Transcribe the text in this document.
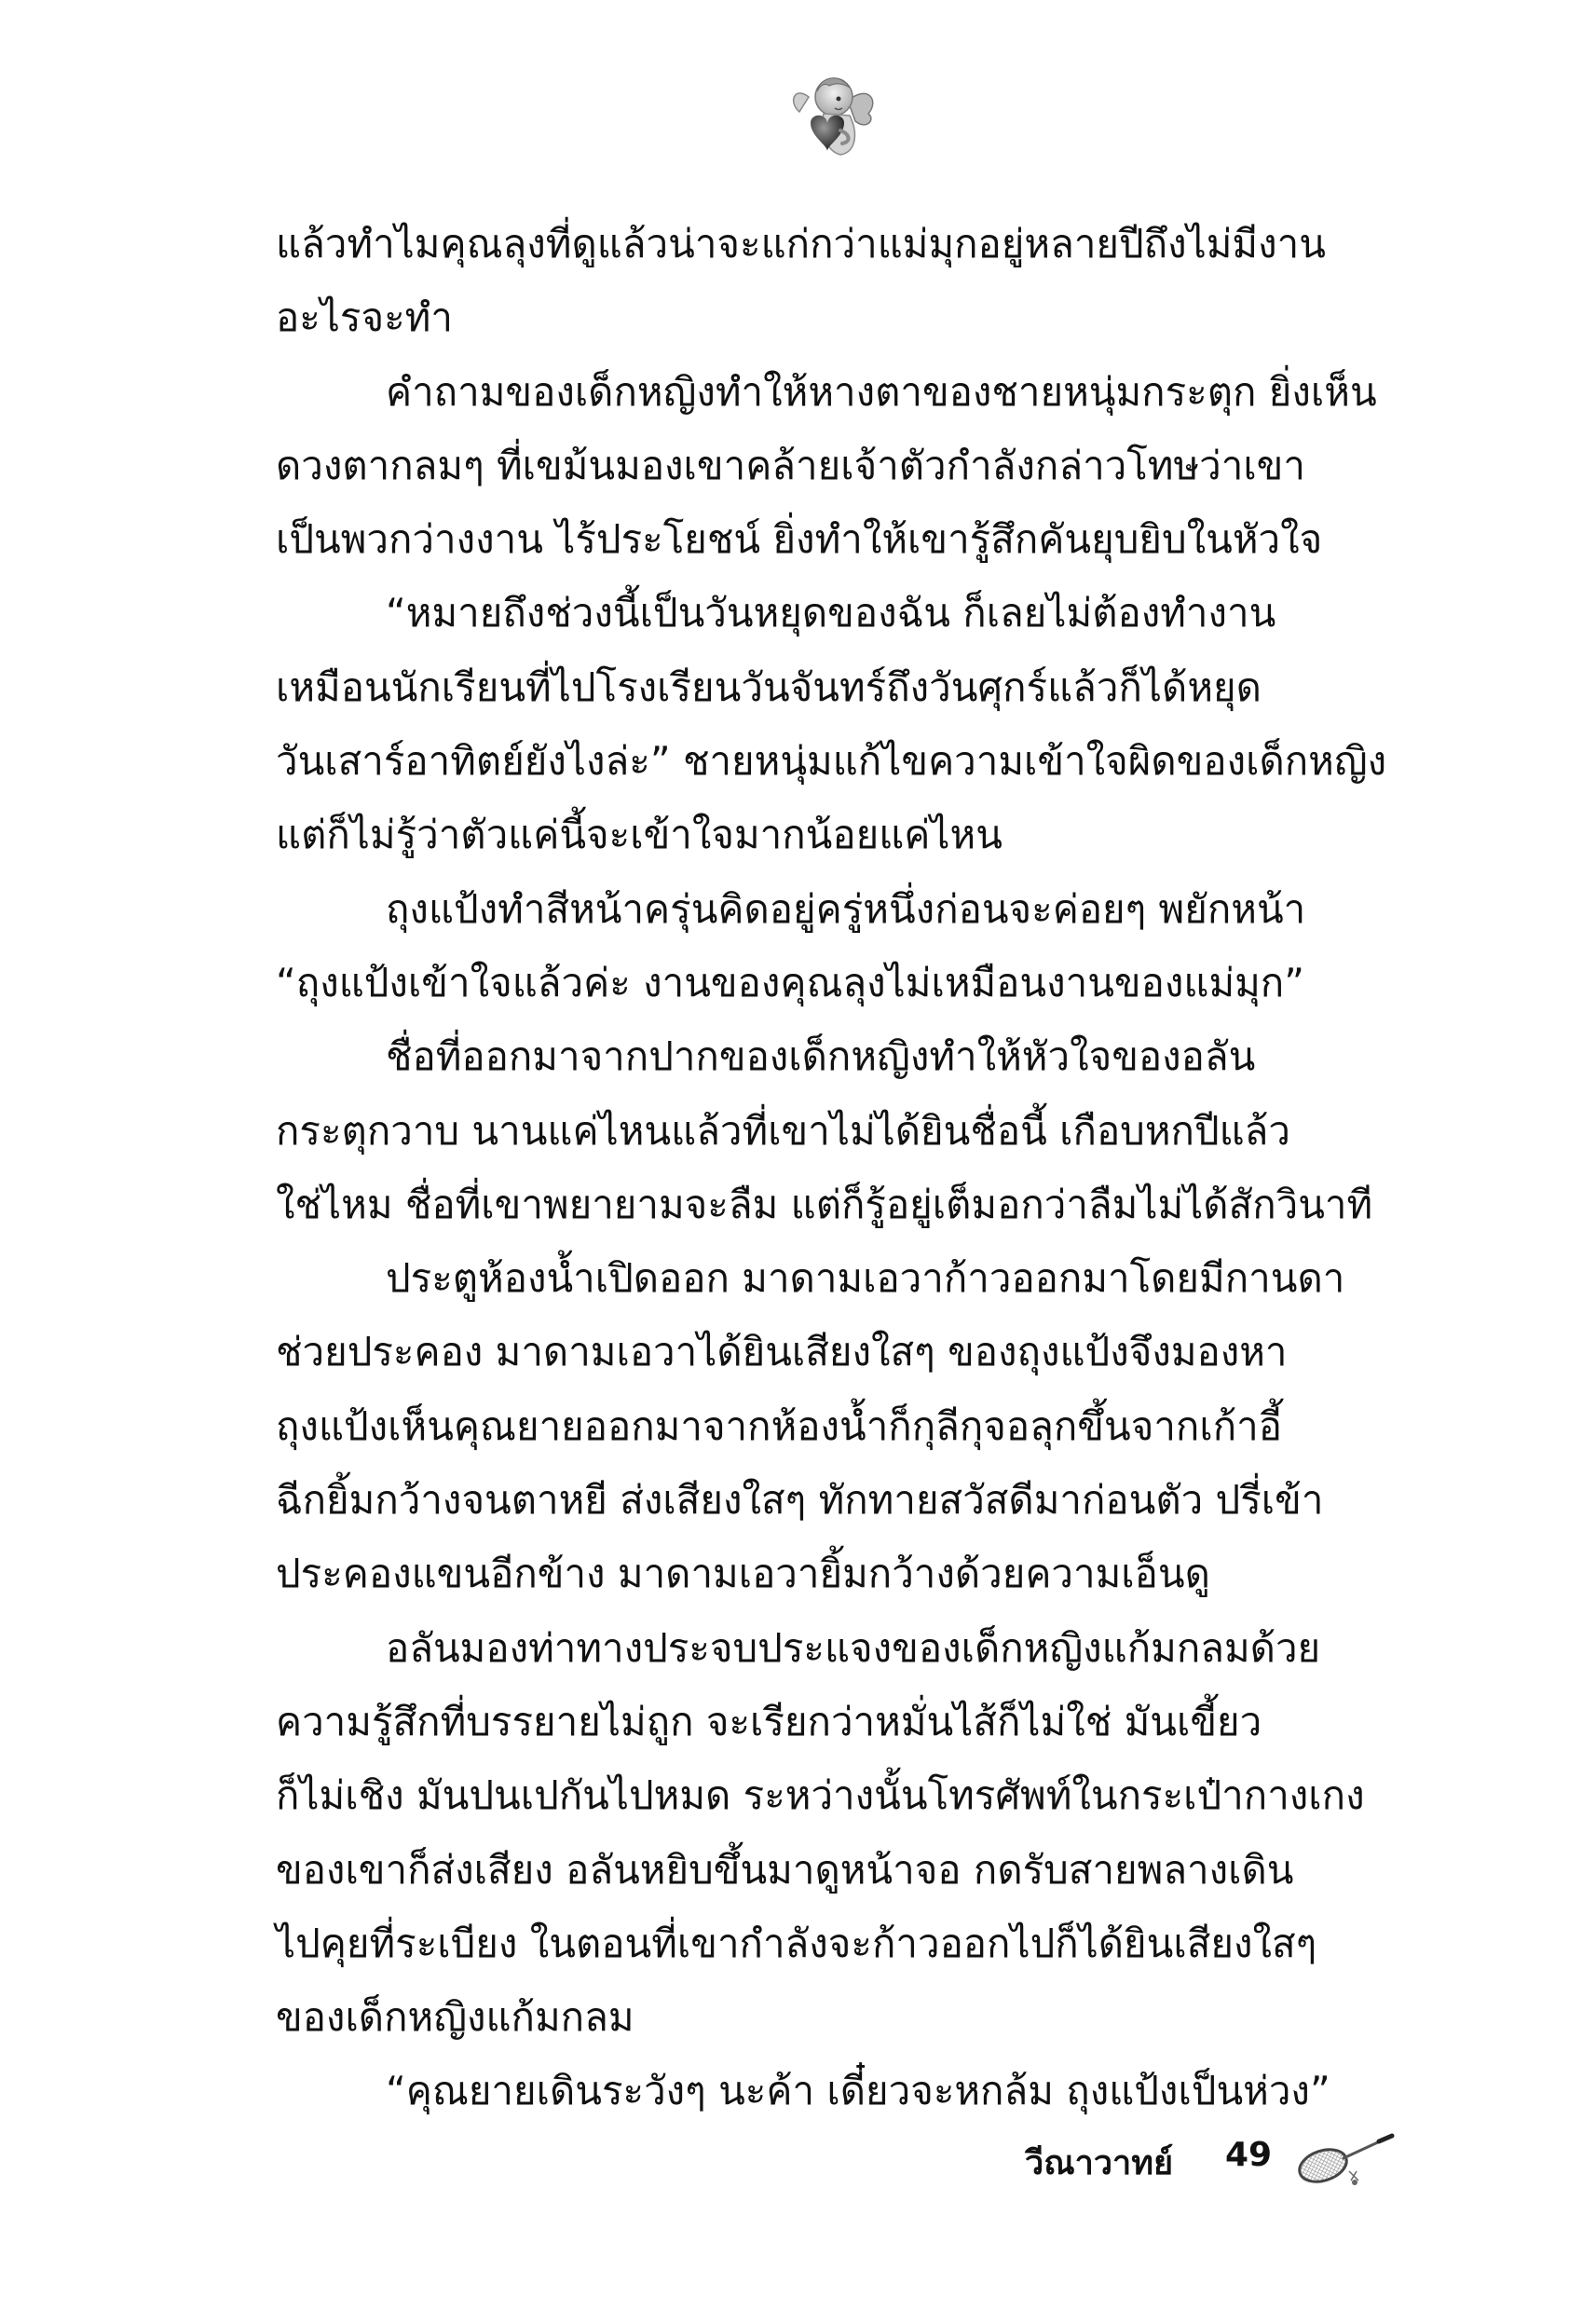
แล้วทำไมคุณลุงที่ดูแล้วน่าจะแก่กว่าแม่มุกอยู่หลายปีถึงไม่มีงาน
อะไรจะทำ
คำถามของเด็กหญิงทำให้หางตาของชายหนุ่มกระตุก ยิ่งเห็น
ดวงตากลมๆ ที่เขม้นมองเขาคล้ายเจ้าตัวกำลังกล่าวโทษว่าเขา
เป็นพวกว่างงาน ไร้ประโยชน์ ยิ่งทำให้เขารู้สึกคันยุบยิบในหัวใจ
“หมายถึงช่วงนี้เป็นวันหยุดของฉัน ก็เลยไม่ต้องทำงาน
เหมือนนักเรียนที่ไปโรงเรียนวันจันทร์ถึงวันศุกร์แล้วก็ได้หยุด
วันเสาร์อาทิตย์ยังไงล่ะ” ชายหนุ่มแก้ไขความเข้าใจผิดของเด็กหญิง
แต่ก็ไม่รู้ว่าตัวแค่นี้จะเข้าใจมากน้อยแค่ไหน
ถุงแป้งทำสีหน้าครุ่นคิดอยู่ครู่หนึ่งก่อนจะค่อยๆ พยักหน้า
“ถุงแป้งเข้าใจแล้วค่ะ งานของคุณลุงไม่เหมือนงานของแม่มุก”
ชื่อที่ออกมาจากปากของเด็กหญิงทำให้หัวใจของอลัน
กระตุกวาบ นานแค่ไหนแล้วที่เขาไม่ได้ยินชื่อนี้ เกือบหกปีแล้ว
ใช่ไหม ชื่อที่เขาพยายามจะลืม แต่ก็รู้อยู่เต็มอกว่าลืมไม่ได้สักวินาที
ประตูห้องน้ำเปิดออก มาดามเอวาก้าวออกมาโดยมีกานดา
ช่วยประคอง มาดามเอวาได้ยินเสียงใสๆ ของถุงแป้งจึงมองหา
ถุงแป้งเห็นคุณยายออกมาจากห้องน้ำก็กุลีกุจอลุกขึ้นจากเก้าอี้
ฉีกยิ้มกว้างจนตาหยี ส่งเสียงใสๆ ทักทายสวัสดีมาก่อนตัว ปรี่เข้า
ประคองแขนอีกข้าง มาดามเอวายิ้มกว้างด้วยความเอ็นดู
อลันมองท่าทางประจบประแจงของเด็กหญิงแก้มกลมด้วย
ความรู้สึกที่บรรยายไม่ถูก จะเรียกว่าหมั่นไส้ก็ไม่ใช่ มันเขี้ยว
ก็ไม่เชิง มันปนเปกันไปหมด ระหว่างนั้นโทรศัพท์ในกระเป๋ากางเกง
ของเขาก็ส่งเสียง อลันหยิบขึ้นมาดูหน้าจอ กดรับสายพลางเดิน
ไปคุยที่ระเบียง ในตอนที่เขากำลังจะก้าวออกไปก็ได้ยินเสียงใสๆ
ของเด็กหญิงแก้มกลม
“คุณยายเดินระวังๆ นะค้า เดี๋ยวจะหกล้ม ถุงแป้งเป็นห่วง”
วีณาวาทย์ 49
